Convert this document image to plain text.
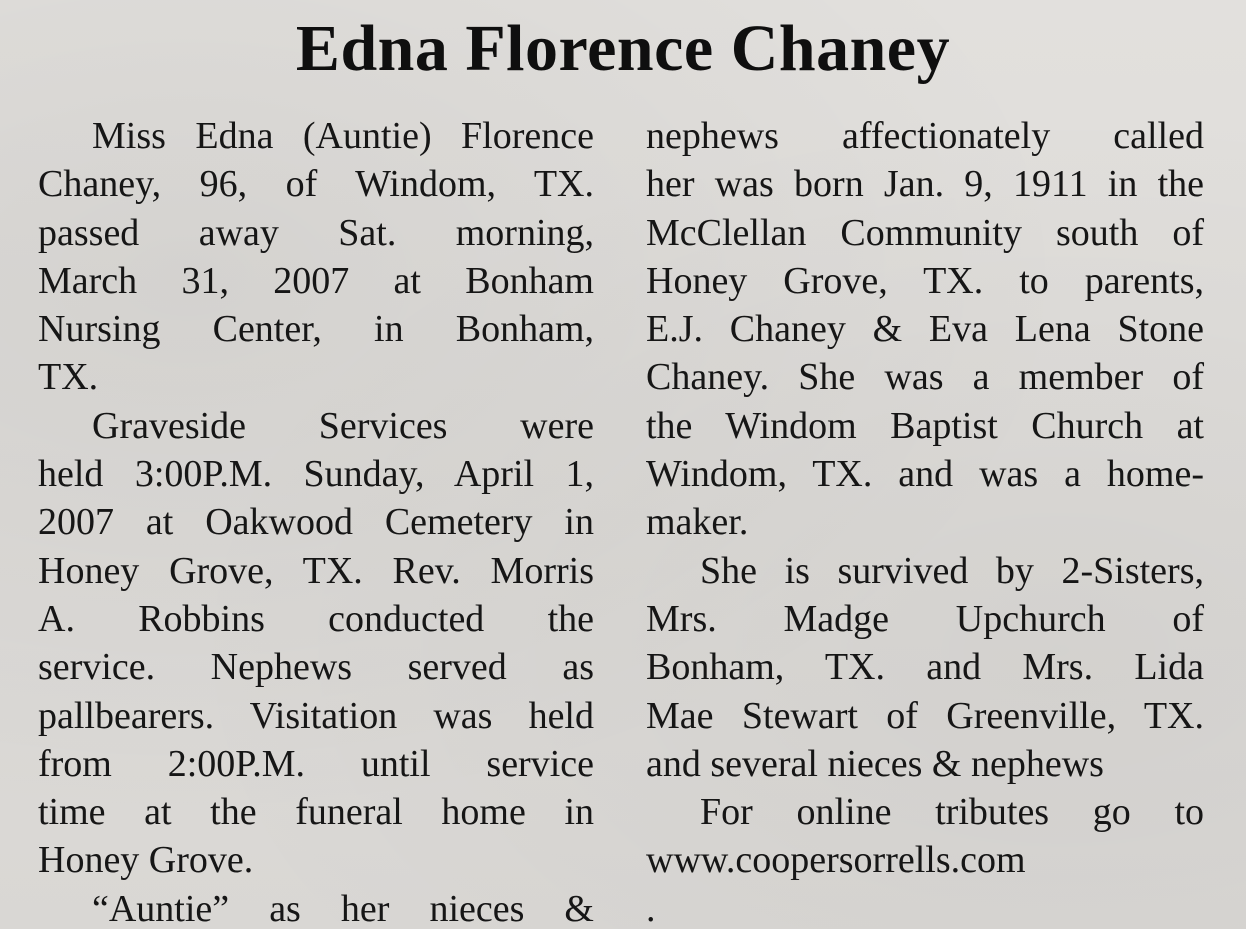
Edna Florence Chaney
Miss Edna (Auntie) Florence
Chaney, 96, of Windom, TX.
passed away Sat. morning,
March 31, 2007 at Bonham
Nursing Center, in Bonham,
TX.
Graveside Services were
held 3:00P.M. Sunday, April 1,
2007 at Oakwood Cemetery in
Honey Grove, TX. Rev. Morris
A. Robbins conducted the
service. Nephews served as
pallbearers. Visitation was held
from 2:00P.M. until service
time at the funeral home in
Honey Grove.
“Auntie” as her nieces &
nephews affectionately called
her was born Jan. 9, 1911 in the
McClellan Community south of
Honey Grove, TX. to parents,
E.J. Chaney & Eva Lena Stone
Chaney. She was a member of
the Windom Baptist Church at
Windom, TX. and was a home-
maker.
She is survived by 2-Sisters,
Mrs. Madge Upchurch of
Bonham, TX. and Mrs. Lida
Mae Stewart of Greenville, TX.
and several nieces & nephews
For online tributes go to
www.coopersorrells.com
.
